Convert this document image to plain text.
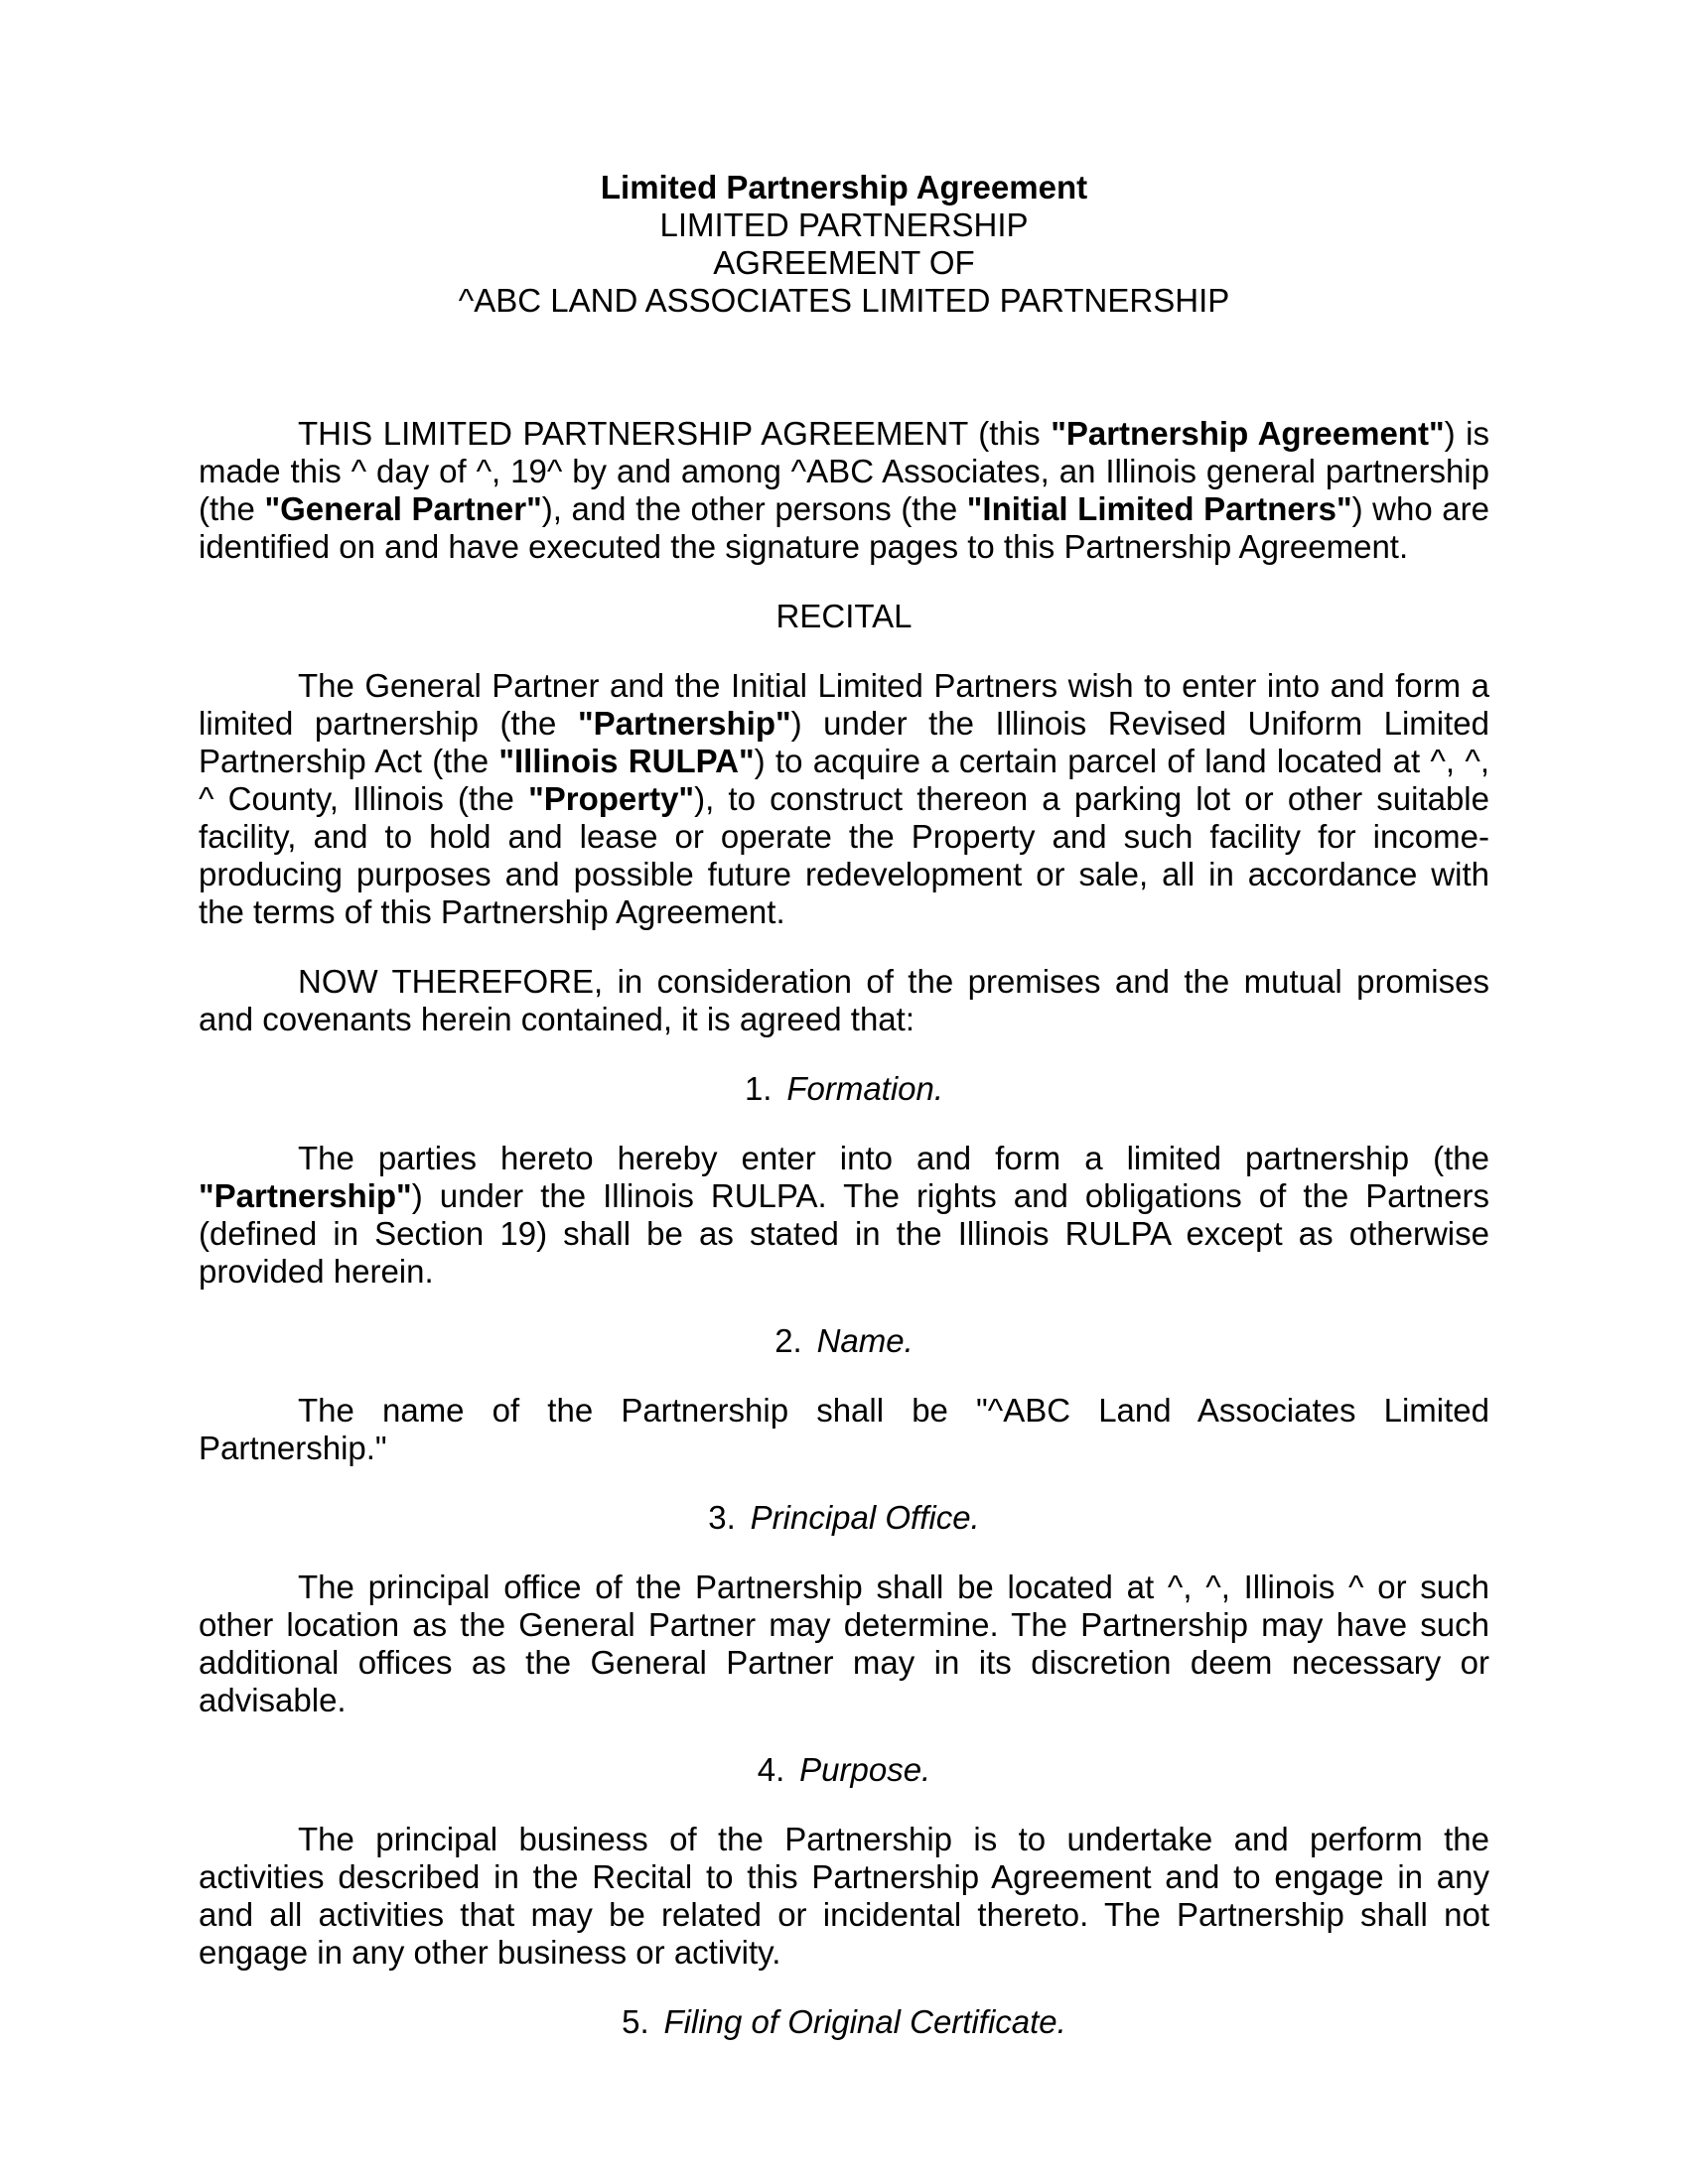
Limited Partnership Agreement
LIMITED PARTNERSHIP
AGREEMENT OF
^ABC LAND ASSOCIATES LIMITED PARTNERSHIP

THIS LIMITED PARTNERSHIP AGREEMENT (this "Partnership Agreement") is made this ^ day of ^, 19^ by and among ^ABC Associates, an Illinois general partnership (the "General Partner"), and the other persons (the "Initial Limited Partners") who are identified on and have executed the signature pages to this Partnership Agreement.

RECITAL

The General Partner and the Initial Limited Partners wish to enter into and form a limited partnership (the "Partnership") under the Illinois Revised Uniform Limited Partnership Act (the "Illinois RULPA") to acquire a certain parcel of land located at ^, ^, ^ County, Illinois (the "Property"), to construct thereon a parking lot or other suitable facility, and to hold and lease or operate the Property and such facility for income-producing purposes and possible future redevelopment or sale, all in accordance with the terms of this Partnership Agreement.

NOW THEREFORE, in consideration of the premises and the mutual promises and covenants herein contained, it is agreed that:

1. Formation.

The parties hereto hereby enter into and form a limited partnership (the "Partnership") under the Illinois RULPA. The rights and obligations of the Partners (defined in Section 19) shall be as stated in the Illinois RULPA except as otherwise provided herein.

2. Name.

The name of the Partnership shall be "^ABC Land Associates Limited Partnership."

3. Principal Office.

The principal office of the Partnership shall be located at ^, ^, Illinois ^ or such other location as the General Partner may determine. The Partnership may have such additional offices as the General Partner may in its discretion deem necessary or advisable.

4. Purpose.

The principal business of the Partnership is to undertake and perform the activities described in the Recital to this Partnership Agreement and to engage in any and all activities that may be related or incidental thereto. The Partnership shall not engage in any other business or activity.

5. Filing of Original Certificate.
